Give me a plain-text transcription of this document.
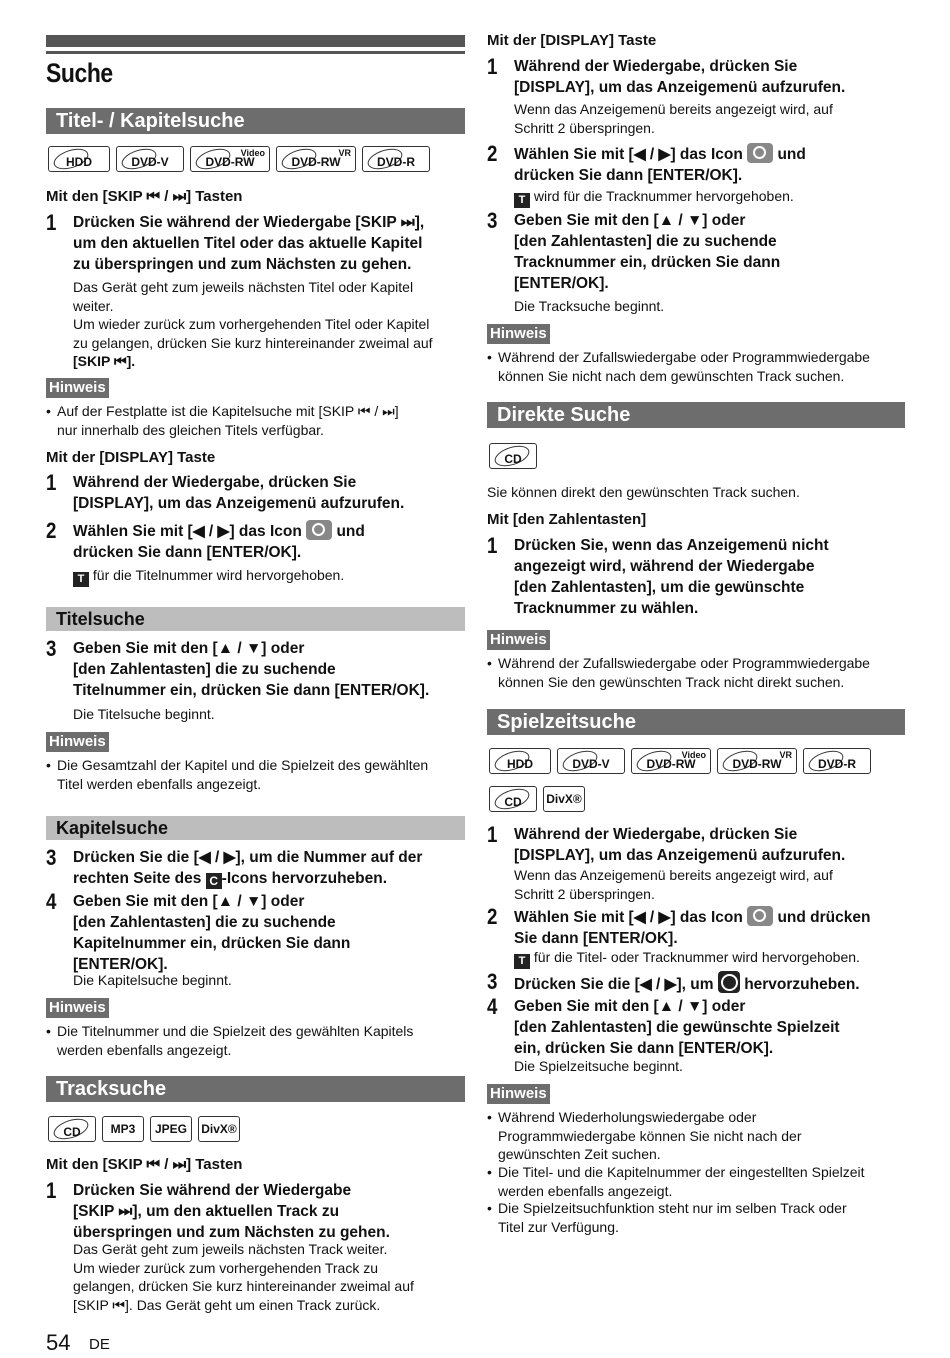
Suche
Titel- / Kapitelsuche
HDD	DVD-V
Video
DVD-RW
VR
DVD-RW	DVD-R
Mit den [SKIP ⏮ / ⏭] Tasten
1 Drücken Sie während der Wiedergabe [SKIP ⏭],
um den aktuellen Titel oder das aktuelle Kapitel
zu überspringen und zum Nächsten zu gehen.
Das Gerät geht zum jeweils nächsten Titel oder Kapitel
weiter.
Um wieder zurück zum vorhergehenden Titel oder Kapitel
zu gelangen, drücken Sie kurz hintereinander zweimal auf
[SKIP ⏮].
Hinweis
• Auf der Festplatte ist die Kapitelsuche mit [SKIP ⏮ / ⏭]
nur innerhalb des gleichen Titels verfügbar.
Mit der [DISPLAY] Taste
1 Während der Wiedergabe, drücken Sie
[DISPLAY], um das Anzeigemenü aufzurufen.
2 Wählen Sie mit [◀ / ▶] das Icon und
drücken Sie dann [ENTER/OK].
T für die Titelnummer wird hervorgehoben.
Titelsuche
3 Geben Sie mit den [▲ / ▼] oder
[den Zahlentasten] die zu suchende
Titelnummer ein, drücken Sie dann [ENTER/OK].
Die Titelsuche beginnt.
Hinweis
• Die Gesamtzahl der Kapitel und die Spielzeit des gewählten
Titel werden ebenfalls angezeigt.
Kapitelsuche
3 Drücken Sie die [◀ / ▶], um die Nummer auf der
rechten Seite des C -Icons hervorzuheben.
4 Geben Sie mit den [▲ / ▼] oder
[den Zahlentasten] die zu suchende
Kapitelnummer ein, drücken Sie dann
[ENTER/OK].
Die Kapitelsuche beginnt.
Hinweis
• Die Titelnummer und die Spielzeit des gewählten Kapitels
werden ebenfalls angezeigt.
Tracksuche
CD MP3 JPEG DivX®
Mit den [SKIP ⏮ / ⏭] Tasten
1 Drücken Sie während der Wiedergabe
[SKIP ⏭], um den aktuellen Track zu
überspringen und zum Nächsten zu gehen.
Das Gerät geht zum jeweils nächsten Track weiter.
Um wieder zurück zum vorhergehenden Track zu
gelangen, drücken Sie kurz hintereinander zweimal auf
[SKIP ⏮]. Das Gerät geht um einen Track zurück.
Mit der [DISPLAY] Taste
1 Während der Wiedergabe, drücken Sie
[DISPLAY], um das Anzeigemenü aufzurufen.
Wenn das Anzeigemenü bereits angezeigt wird, auf
Schritt 2 überspringen.
2 Wählen Sie mit [◀ / ▶] das Icon und
drücken Sie dann [ENTER/OK].
T wird für die Tracknummer hervorgehoben.
3 Geben Sie mit den [▲ / ▼] oder
[den Zahlentasten] die zu suchende
Tracknummer ein, drücken Sie dann
[ENTER/OK].
Die Tracksuche beginnt.
Hinweis
• Während der Zufallswiedergabe oder Programmwiedergabe
können Sie nicht nach dem gewünschten Track suchen.
Direkte Suche
CD
Sie können direkt den gewünschten Track suchen.
Mit [den Zahlentasten]
1 Drücken Sie, wenn das Anzeigemenü nicht
angezeigt wird, während der Wiedergabe
[den Zahlentasten], um die gewünschte
Tracknummer zu wählen.
Hinweis
• Während der Zufallswiedergabe oder Programmwiedergabe
können Sie den gewünschten Track nicht direkt suchen.
Spielzeitsuche
HDD	DVD-V
Video
DVD-RW
VR
DVD-RW	DVD-R
CD DivX®
1 Während der Wiedergabe, drücken Sie
[DISPLAY], um das Anzeigemenü aufzurufen.
Wenn das Anzeigemenü bereits angezeigt wird, auf
Schritt 2 überspringen.
2 Wählen Sie mit [◀ / ▶] das Icon und drücken
Sie dann [ENTER/OK].
T für die Titel- oder Tracknummer wird hervorgehoben.
3 Drücken Sie die [◀ / ▶], um hervorzuheben.
4 Geben Sie mit den [▲ / ▼] oder
[den Zahlentasten] die gewünschte Spielzeit
ein, drücken Sie dann [ENTER/OK].
Die Spielzeitsuche beginnt.
Hinweis
• Während Wiederholungswiedergabe oder
Programmwiedergabe können Sie nicht nach der
gewünschten Zeit suchen.
• Die Titel- und die Kapitelnummer der eingestellten Spielzeit
werden ebenfalls angezeigt.
• Die Spielzeitsuchfunktion steht nur im selben Track oder
Titel zur Verfügung.
54 DE
